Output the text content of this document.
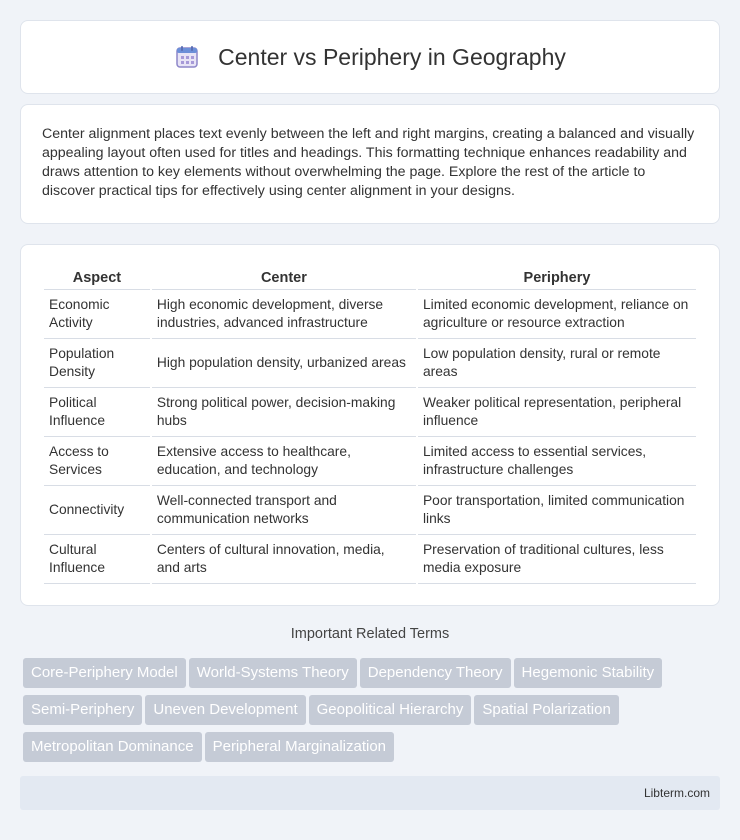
Center vs Periphery in Geography

Center alignment places text evenly between the left and right margins, creating a balanced and visually appealing layout often used for titles and headings. This formatting technique enhances readability and draws attention to key elements without overwhelming the page. Explore the rest of the article to discover practical tips for effectively using center alignment in your designs.

Aspect	Center	Periphery
Economic Activity	High economic development, diverse industries, advanced infrastructure	Limited economic development, reliance on agriculture or resource extraction
Population Density	High population density, urbanized areas	Low population density, rural or remote areas
Political Influence	Strong political power, decision-making hubs	Weaker political representation, peripheral influence
Access to Services	Extensive access to healthcare, education, and technology	Limited access to essential services, infrastructure challenges
Connectivity	Well-connected transport and communication networks	Poor transportation, limited communication links
Cultural Influence	Centers of cultural innovation, media, and arts	Preservation of traditional cultures, less media exposure
Important Related Terms
Core-Periphery Model World-Systems Theory Dependency Theory Hegemonic StabilitySemi-Periphery Uneven Development Geopolitical Hierarchy Spatial PolarizationMetropolitan Dominance Peripheral Marginalization
Libterm.com
